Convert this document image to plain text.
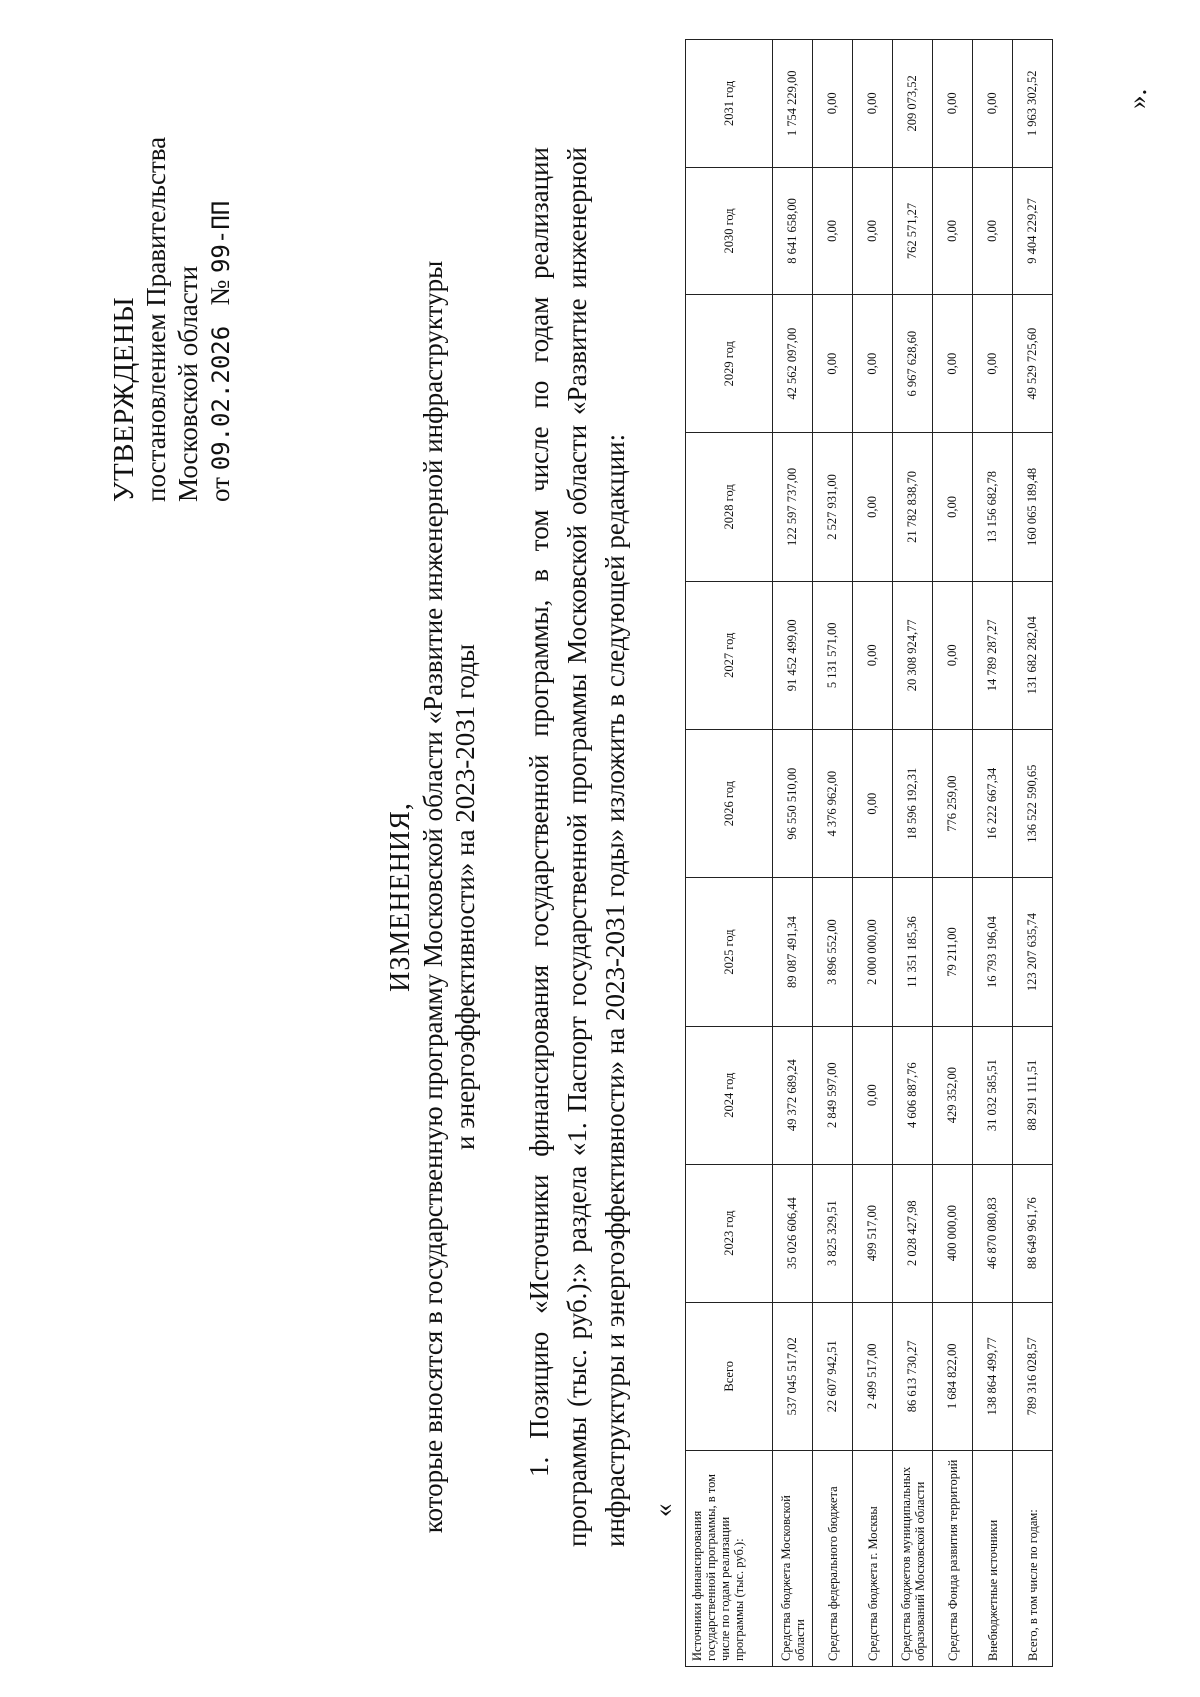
УТВЕРЖДЕНЫ постановлением Правительства Московской области от 09.02.2026   № 99-ПП
ИЗМЕНЕНИЯ, которые вносятся в государственную программу Московской области «Развитие инженерной инфраструктуры и энергоэффективности» на 2023-2031 годы 1. Позицию «Источники финансирования государственной программы, в том числе по годам реализации программы (тыс. руб.):» раздела «1. Паспорт государственной программы Московской области «Развитие инженерной инфраструктуры и энергоэффективности» на 2023-2031 годы» изложить в следующей редакции: «
Источники финансирования государственной программы, в том числе по годам реализации программы (тыс. руб.):	Всего	2023 год	2024 год	2025 год	2026 год	2027 год	2028 год	2029 год	2030 год	2031 год
Средства бюджета Московской области	537 045 517,02	35 026 606,44	49 372 689,24	89 087 491,34	96 550 510,00	91 452 499,00	122 597 737,00	42 562 097,00	8 641 658,00	1 754 229,00
Средства федерального бюджета	22 607 942,51	3 825 329,51	2 849 597,00	3 896 552,00	4 376 962,00	5 131 571,00	2 527 931,00	0,00	0,00	0,00
Средства бюджета г. Москвы	2 499 517,00	499 517,00	0,00	2 000 000,00	0,00	0,00	0,00	0,00	0,00	0,00
Средства бюджетов муниципальных образований Московской области	86 613 730,27	2 028 427,98	4 606 887,76	11 351 185,36	18 596 192,31	20 308 924,77	21 782 838,70	6 967 628,60	762 571,27	209 073,52
Средства Фонда развития территорий	1 684 822,00	400 000,00	429 352,00	79 211,00	776 259,00	0,00	0,00	0,00	0,00	0,00
Внебюджетные источники	138 864 499,77	46 870 080,83	31 032 585,51	16 793 196,04	16 222 667,34	14 789 287,27	13 156 682,78	0,00	0,00	0,00
Всего, в том числе по годам:	789 316 028,57	88 649 961,76	88 291 111,51	123 207 635,74	136 522 590,65	131 682 282,04	160 065 189,48	49 529 725,60	9 404 229,27	1 963 302,52	».
